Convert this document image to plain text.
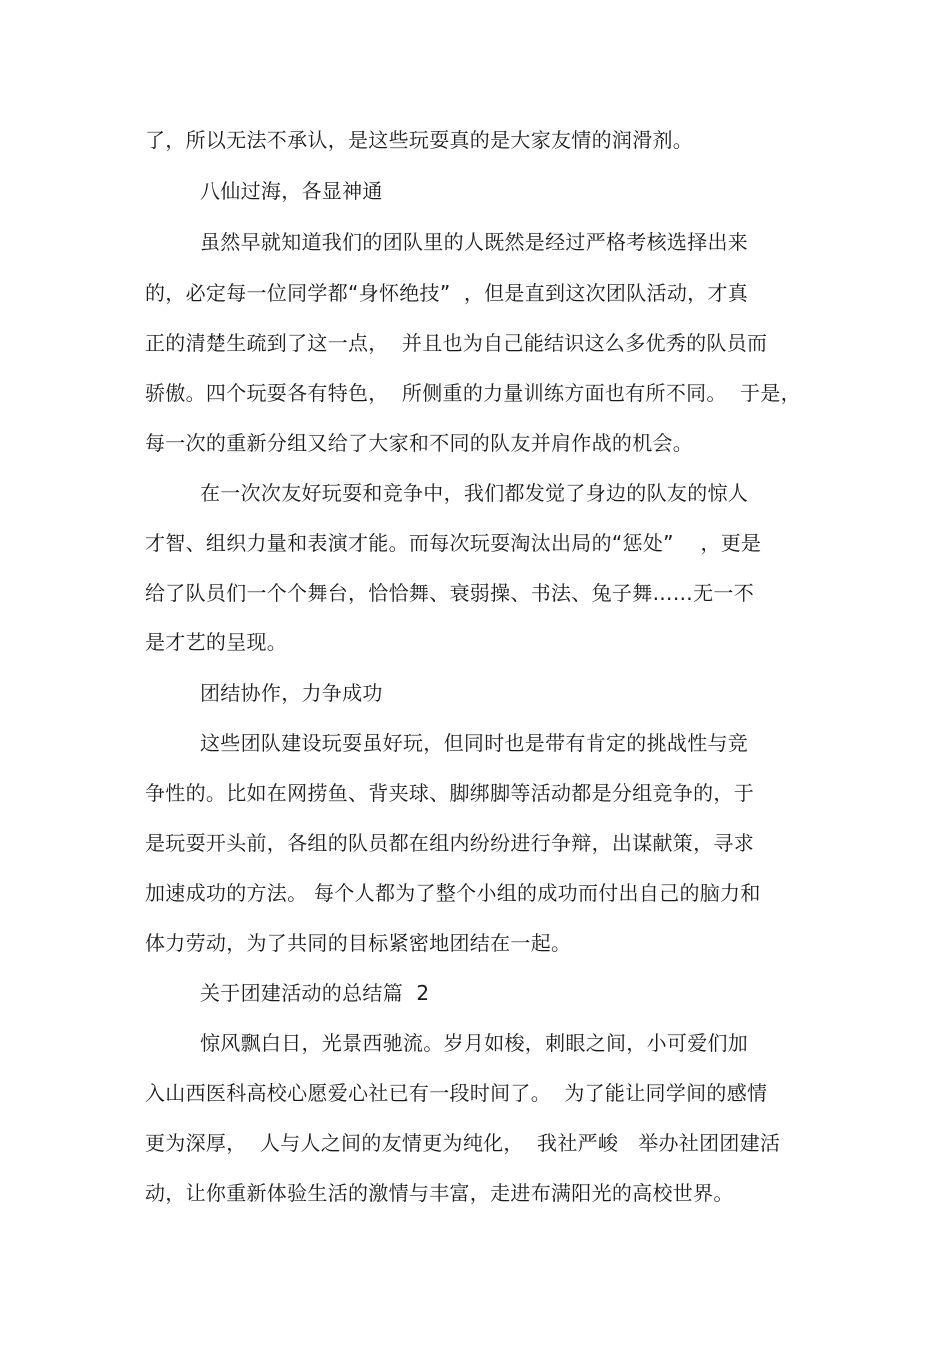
了，所以无法不承认，是这些玩耍真的是大家友情的润滑剂。
八仙过海，各显神通
虽然早就知道我们的团队里的人既然是经过严格考核选择出来
的，必定每一位同学都“身怀绝技”  ，但是直到这次团队活动，才真
正的清楚生疏到了这一点，  并且也为自己能结识这么多优秀的队员而
骄傲。四个玩耍各有特色，  所侧重的力量训练方面也有所不同。  于是，
每一次的重新分组又给了大家和不同的队友并肩作战的机会。
在一次次友好玩耍和竞争中，我们都发觉了身边的队友的惊人
才智、组织力量和表演才能。而每次玩耍淘汰出局的“惩处”    ，更是
给了队员们一个个舞台，恰恰舞、衰弱操、书法、兔子舞……无一不
是才艺的呈现。
团结协作，力争成功
这些团队建设玩耍虽好玩，但同时也是带有肯定的挑战性与竞
争性的。比如在网捞鱼、背夹球、脚绑脚等活动都是分组竞争的，于
是玩耍开头前，各组的队员都在组内纷纷进行争辩，出谋献策，寻求
加速成功的方法。 每个人都为了整个小组的成功而付出自己的脑力和
体力劳动，为了共同的目标紧密地团结在一起。
关于团建活动的总结篇  2
惊风飘白日，光景西驰流。岁月如梭，刺眼之间，小可爱们加
入山西医科高校心愿爱心社已有一段时间了。  为了能让同学间的感情
更为深厚，  人与人之间的友情更为纯化，  我社严峻   举办社团团建活
动，让你重新体验生活的激情与丰富，走进布满阳光的高校世界。
